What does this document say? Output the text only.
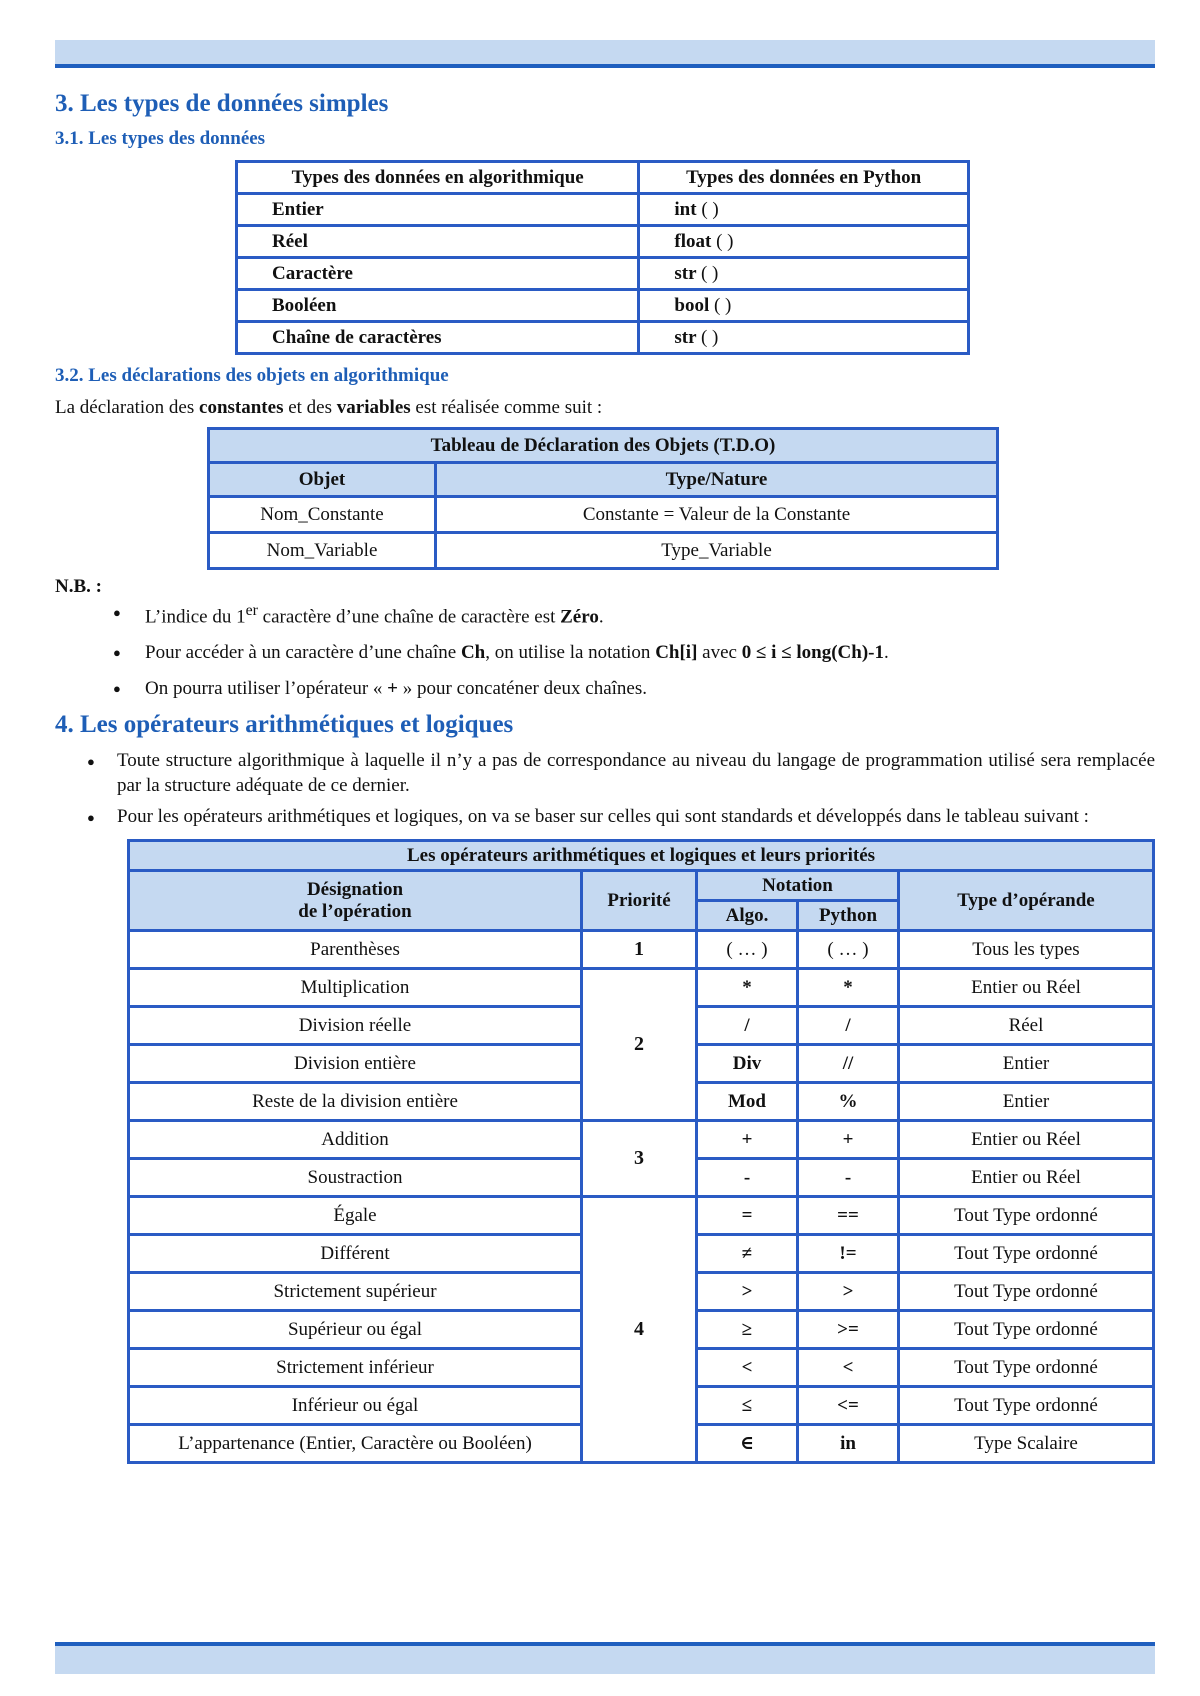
3. Les types de données simples
3.1. Les types des données
Types des données en algorithmique	Types des données en Python
Entier	int ( )
Réel	float ( )
Caractère	str ( )
Booléen	bool ( )
Chaîne de caractères	str ( )
3.2. Les déclarations des objets en algorithmique

La déclaration des constantes et des variables est réalisée comme suit :

Tableau de Déclaration des Objets (T.D.O)	
Objet	Type/Nature
Nom_Constante	Constante = Valeur de la Constante
Nom_Variable	Type_Variable
N.B. :
● L’indice du 1er caractère d’une chaîne de caractère est Zéro.
● Pour accéder à un caractère d’une chaîne Ch, on utilise la notation Ch[i] avec 0 ≤ i ≤ long(Ch)-1.
● On pourra utiliser l’opérateur « + » pour concaténer deux chaînes.
4. Les opérateurs arithmétiques et logiques
● Toute structure algorithmique à laquelle il n’y a pas de correspondance au niveau du langage de programmation utilisé sera remplacée par la structure adéquate de ce dernier.
● Pour les opérateurs arithmétiques et logiques, on va se baser sur celles qui sont standards et développés dans le tableau suivant :
Les opérateurs arithmétiques et logiques et leurs priorités				
Désignation
de l’opération	Priorité	Notation		Type d’opérande
		Algo.	Python	
Parenthèses	1	( … )	( … )	Tous les types
Multiplication	2	*	*	Entier ou Réel
Division réelle		/	/	Réel
Division entière		Div	//	Entier
Reste de la division entière		Mod	%	Entier
Addition	3	+	+	Entier ou Réel
Soustraction		-	-	Entier ou Réel
Égale	4	=	==	Tout Type ordonné
Différent		≠	!=	Tout Type ordonné
Strictement supérieur		>	>	Tout Type ordonné
Supérieur ou égal		≥	>=	Tout Type ordonné
Strictement inférieur		<	<	Tout Type ordonné
Inférieur ou égal		≤	<=	Tout Type ordonné
L’appartenance (Entier, Caractère ou Booléen)		∈	in	Type Scalaire
